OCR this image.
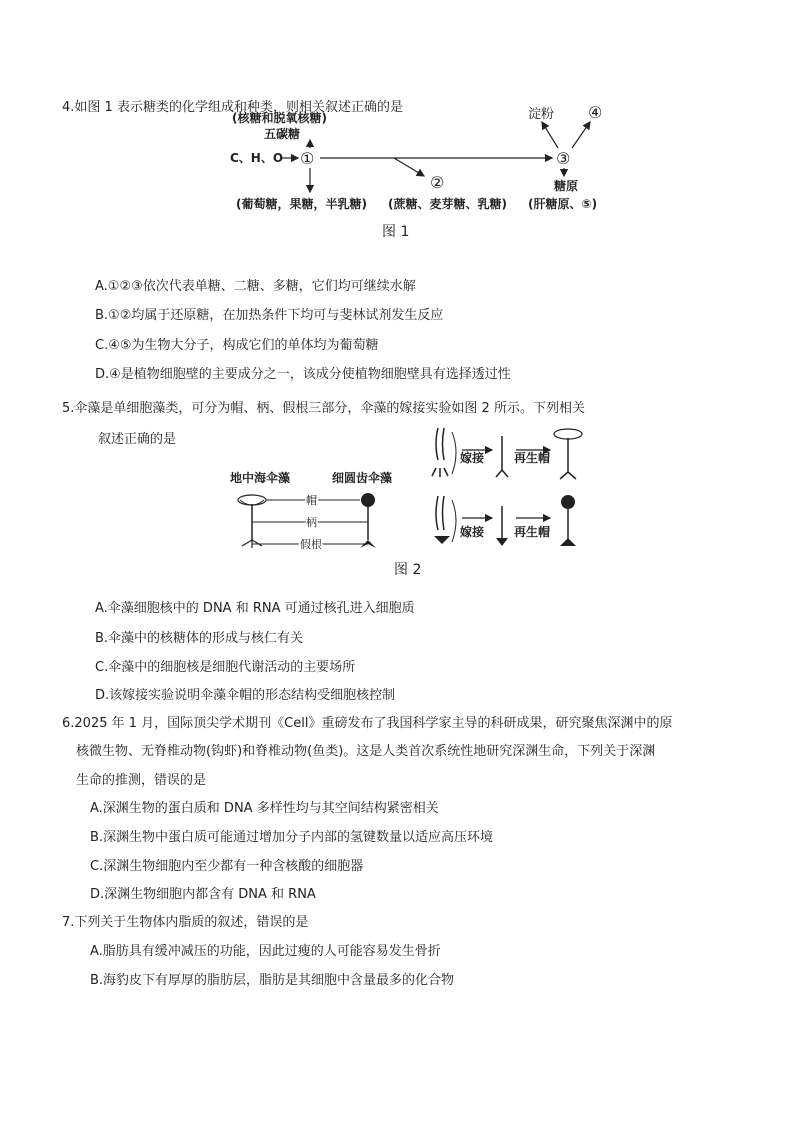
4.如图 1 表示糖类的化学组成和种类，则相关叙述正确的是
(核糖和脱氧核糖)
五碳糖
淀粉 ④
C、H、O ①
②
③
糖原
(葡萄糖，果糖，半乳糖) (蔗糖、麦芽糖、乳糖) (肝糖原、⑤)
图 1
A.①②③依次代表单糖、二糖、多糖，它们均可继续水解
B.①②均属于还原糖，在加热条件下均可与斐林试剂发生反应
C.④⑤为生物大分子，构成它们的单体均为葡萄糖
D.④是植物细胞壁的主要成分之一，该成分使植物细胞壁具有选择透过性
5.伞藻是单细胞藻类，可分为帽、柄、假根三部分，伞藻的嫁接实验如图 2 所示。下列相关
叙述正确的是
地中海伞藻	细圆齿伞藻
帽
柄
假根
图 2
嫁接 再生帽
嫁接 再生帽
A.伞藻细胞核中的 DNA 和 RNA 可通过核孔进入细胞质
B.伞藻中的核糖体的形成与核仁有关
C.伞藻中的细胞核是细胞代谢活动的主要场所
D.该嫁接实验说明伞藻伞帽的形态结构受细胞核控制
6.2025 年 1 月，国际顶尖学术期刊《Cell》重磅发布了我国科学家主导的科研成果，研究聚焦深渊中的原
核微生物、无脊椎动物(钩虾)和脊椎动物(鱼类)。这是人类首次系统性地研究深渊生命，下列关于深渊
生命的推测，错误的是
A.深渊生物的蛋白质和 DNA 多样性均与其空间结构紧密相关
B.深渊生物中蛋白质可能通过增加分子内部的氢键数量以适应高压环境
C.深渊生物细胞内至少都有一种含核酸的细胞器
D.深渊生物细胞内都含有 DNA 和 RNA
7.下列关于生物体内脂质的叙述，错误的是
A.脂肪具有缓冲减压的功能，因此过瘦的人可能容易发生骨折
B.海豹皮下有厚厚的脂肪层，脂肪是其细胞中含量最多的化合物
